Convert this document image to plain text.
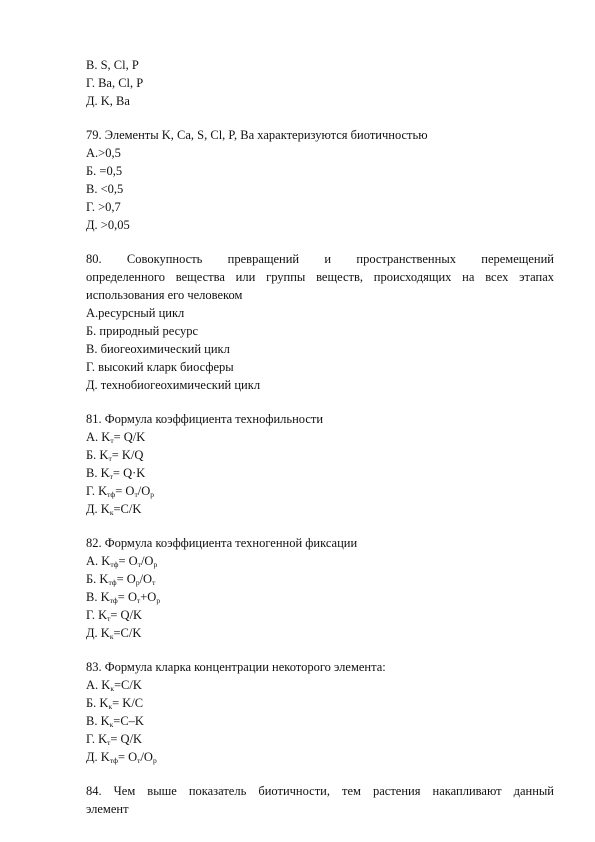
В. S, Cl, P
Г. Ba, Cl, P
Д. K, Ba
79. Элементы K, Ca, S, Cl, P, Ba характеризуются биотичностью
А.>0,5
Б. =0,5
В. <0,5
Г. >0,7
Д. >0,05
80. Совокупность превращений и пространственных перемещений
определенного вещества или группы веществ, происходящих на всех этапах
использования его человеком
А.ресурсный цикл
Б. природный ресурс
В. биогеохимический цикл
Г. высокий кларк биосферы
Д. технобиогеохимический цикл
81. Формула коэффициента технофильности
А. $K_т= Q/K$
Б. $K_т= K/Q$
В. $K_т= Q\cdot K$
Г. $K_{тф}= O_т/O_р$
Д. $K_к=C/K$
82. Формула коэффициента техногенной фиксации
А. $K_{тф}= O_т/O_р$
Б. $K_{тф}= O_р/O_т$
В. $K_{тф}= O_т+O_р$
Г. $K_т= Q/K$
Д. $K_к=C/K$
83. Формула кларка концентрации некоторого элемента:
А. $K_к=C/K$
Б. $K_к= K/C$
В. $K_к=C-K$
Г. $K_т= Q/K$
Д. $K_{тф}= O_т/O_р$
84. Чем выше показатель биотичности, тем растения накапливают данный
элемент
